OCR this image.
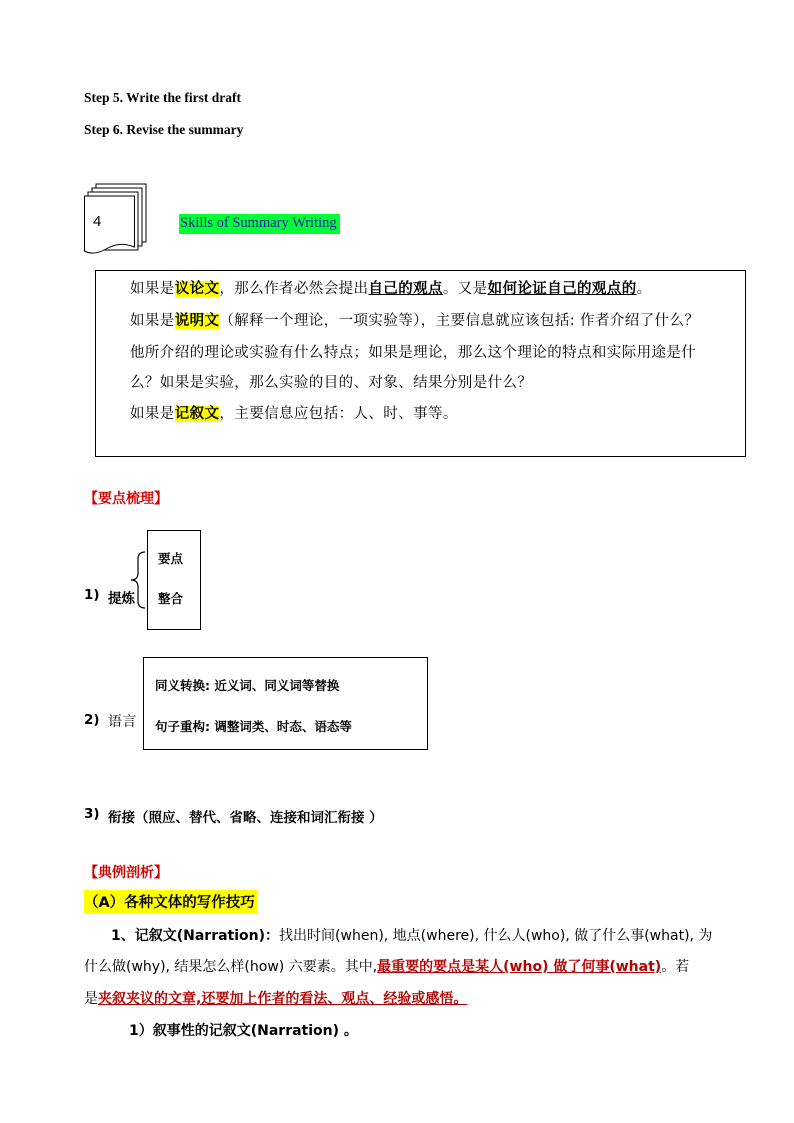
Step 5. Write the first draft
Step 6. Revise the summary
4	Skills of Summary Writing
如果是议论文，那么作者必然会提出自己的观点。又是如何论证自己的观点的。
如果是说明文（解释一个理论，一项实验等），主要信息就应该包括: 作者介绍了什么？
他所介绍的理论或实验有什么特点；如果是理论，那么这个理论的特点和实际用途是什
么？如果是实验，那么实验的目的、对象、结果分别是什么？
如果是记叙文，主要信息应包括：人、时、事等。
【要点梳理】
1) 提炼
要点
整合
2) 语言
同义转换: 近义词、同义词等替换
句子重构: 调整词类、时态、语态等
3) 衔接（照应、替代、省略、连接和词汇衔接 ）
【典例剖析】
（A）各种文体的写作技巧
1、记叙文(Narration)：找出时间(when), 地点(where), 什么人(who), 做了什么事(what), 为
什么做(why), 结果怎么样(how) 六要素。其中,最重要的要点是某人(who) 做了何事(what)。若
是夹叙夹议的文章,还要加上作者的看法、观点、经验或感悟。
1）叙事性的记叙文(Narration) 。
